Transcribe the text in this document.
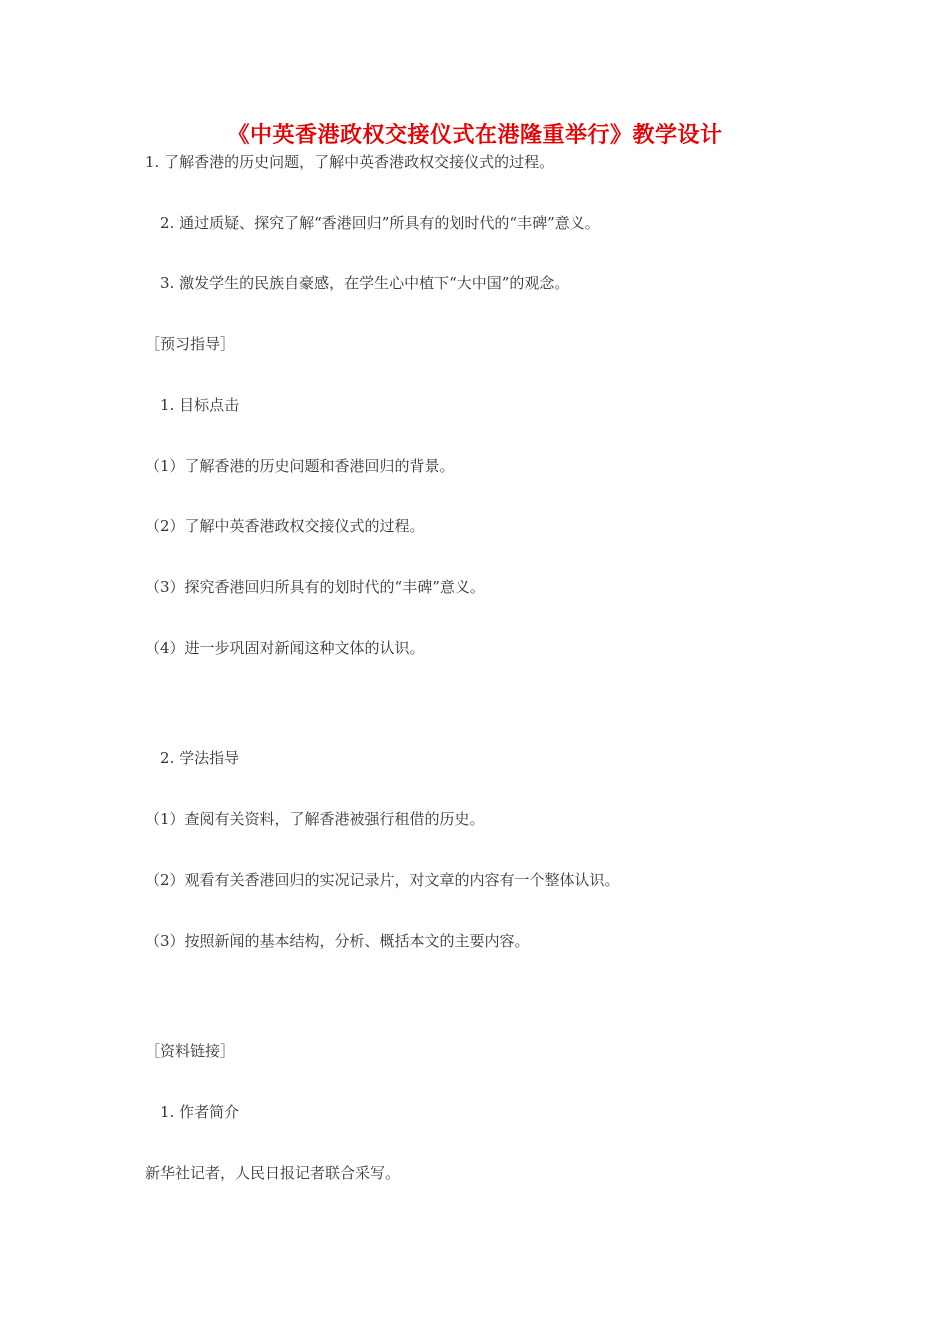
《中英香港政权交接仪式在港隆重举行》教学设计
1. 了解香港的历史问题，了解中英香港政权交接仪式的过程。
2. 通过质疑、探究了解“香港回归”所具有的划时代的“丰碑”意义。
3. 激发学生的民族自豪感，在学生心中植下“大中国”的观念。
［预习指导］
1. 目标点击
（1）了解香港的历史问题和香港回归的背景。
（2）了解中英香港政权交接仪式的过程。
（3）探究香港回归所具有的划时代的“丰碑”意义。
（4）进一步巩固对新闻这种文体的认识。
2. 学法指导
（1）查阅有关资料，了解香港被强行租借的历史。
（2）观看有关香港回归的实况记录片，对文章的内容有一个整体认识。
（3）按照新闻的基本结构，分析、概括本文的主要内容。
［资料链接］
1. 作者简介
新华社记者，人民日报记者联合采写。
